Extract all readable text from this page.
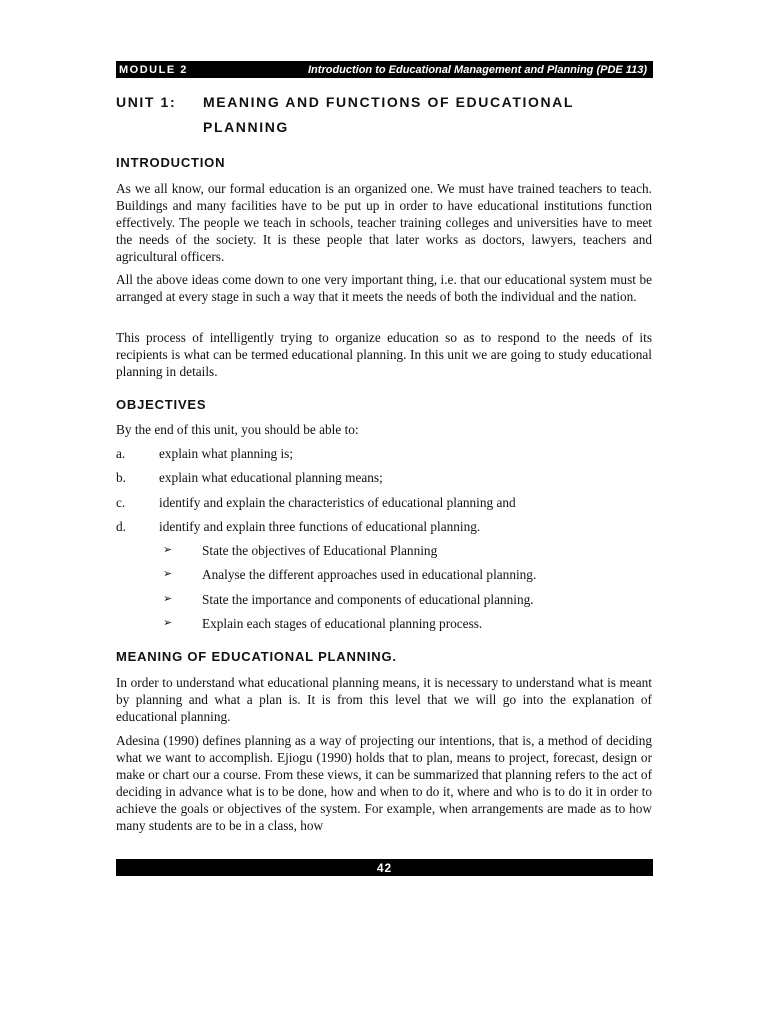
MODULE 2	Introduction to Educational Management and Planning (PDE 113)
UNIT 1: MEANING AND FUNCTIONS OF EDUCATIONAL
PLANNING
INTRODUCTION

As we all know, our formal education is an organized one. We must have trained teachers to teach. Buildings and many facilities have to be put up in order to have educational institutions function effectively. The people we teach in schools, teacher training colleges and universities have to meet the needs of the society. It is these people that later works as doctors, lawyers, teachers and agricultural officers.

All the above ideas come down to one very important thing, i.e. that our educational system must be arranged at every stage in such a way that it meets the needs of both the individual and the nation.

This process of intelligently trying to organize education so as to respond to the needs of its recipients is what can be termed educational planning. In this unit we are going to study educational planning in details.

OBJECTIVES

By the end of this unit, you should be able to:

a.	explain what planning is;
b. explain what educational planning means;
c.	identify and explain the characteristics of educational planning and
d. identify and explain three functions of educational planning.
➢ State the objectives of Educational Planning
➢ Analyse the different approaches used in educational planning.
➢ State the importance and components of educational planning.
➢ Explain each stages of educational planning process.
MEANING OF EDUCATIONAL PLANNING.

In order to understand what educational planning means, it is necessary to understand what is meant by planning and what a plan is. It is from this level that we will go into the explanation of educational planning.

Adesina (1990) defines planning as a way of projecting our intentions, that is, a method of deciding what we want to accomplish. Ejiogu (1990) holds that to plan, means to project, forecast, design or make or chart our a course. From these views, it can be summarized that planning refers to the act of deciding in advance what is to be done, how and when to do it, where and who is to do it in order to achieve the goals or objectives of the system. For example, when arrangements are made as to how many students are to be in a class, how

42
